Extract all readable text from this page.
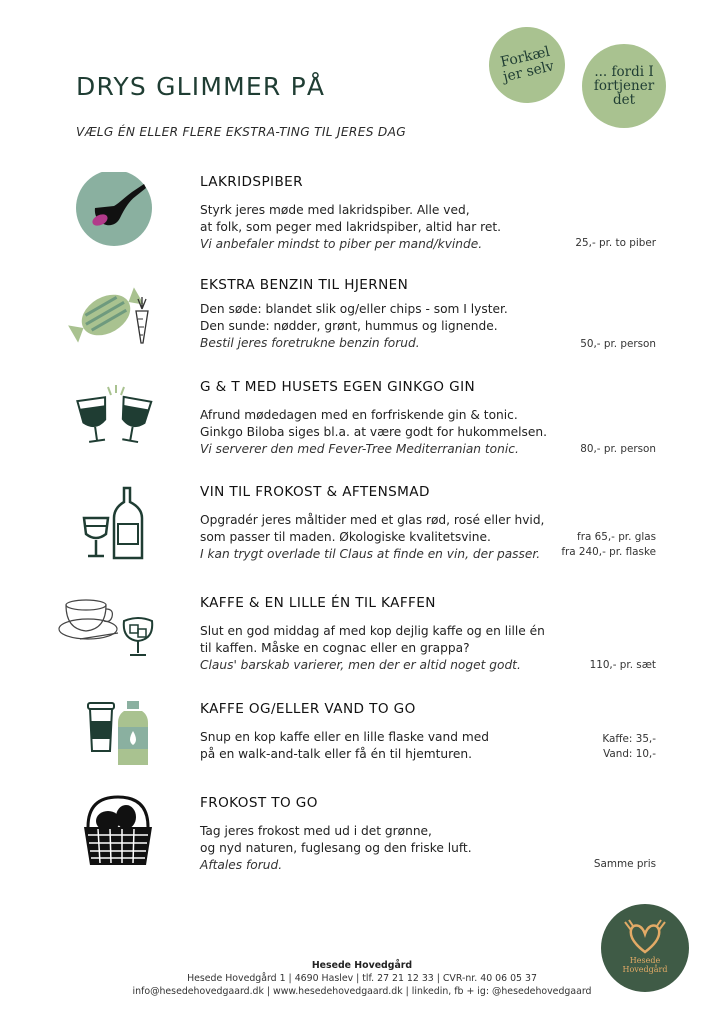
DRYS GLIMMER PÅ
VÆLG ÉN ELLER FLERE EKSTRA-TING TIL JERES DAG
Forkæl
jer selv	... fordi I
fortjener
det
LAKRIDSPIBER
Styrk jeres møde med lakridspiber. Alle ved,
at folk, som peger med lakridspiber, altid har ret.
Vi anbefaler mindst to piber per mand/kvinde.	25,- pr. to piber
EKSTRA BENZIN TIL HJERNEN
Den søde: blandet slik og/eller chips - som I lyster.
Den sunde: nødder, grønt, hummus og lignende.
Bestil jeres foretrukne benzin forud.	50,- pr. person
G & T MED HUSETS EGEN GINKGO GIN
Afrund mødedagen med en forfriskende gin & tonic.
Ginkgo Biloba siges bl.a. at være godt for hukommelsen.
Vi serverer den med Fever-Tree Mediterranian tonic.	80,- pr. person
VIN TIL FROKOST & AFTENSMAD
Opgradér jeres måltider med et glas rød, rosé eller hvid,
som passer til maden. Økologiske kvalitetsvine.
I kan trygt overlade til Claus at finde en vin, der passer.
fra 65,- pr. glas
fra 240,- pr. flaske
KAFFE & EN LILLE ÉN TIL KAFFEN
Slut en god middag af med kop dejlig kaffe og en lille én
til kaffen. Måske en cognac eller en grappa?
Claus' barskab varierer, men der er altid noget godt.	110,- pr. sæt
KAFFE OG/ELLER VAND TO GO
Snup en kop kaffe eller en lille flaske vand med
på en walk-and-talk eller få én til hjemturen.
Kaffe: 35,-
Vand: 10,-
FROKOST TO GO
Tag jeres frokost med ud i det grønne,
og nyd naturen, fuglesang og den friske luft.
Aftales forud.	Samme pris
Hesede
Hovedgård
Hesede Hovedgård
Hesede Hovedgård 1 | 4690 Haslev | tlf. 27 21 12 33 | CVR-nr. 40 06 05 37
info@hesedehovedgaard.dk | www.hesedehovedgaard.dk | linkedin, fb + ig: @hesedehovedgaard
